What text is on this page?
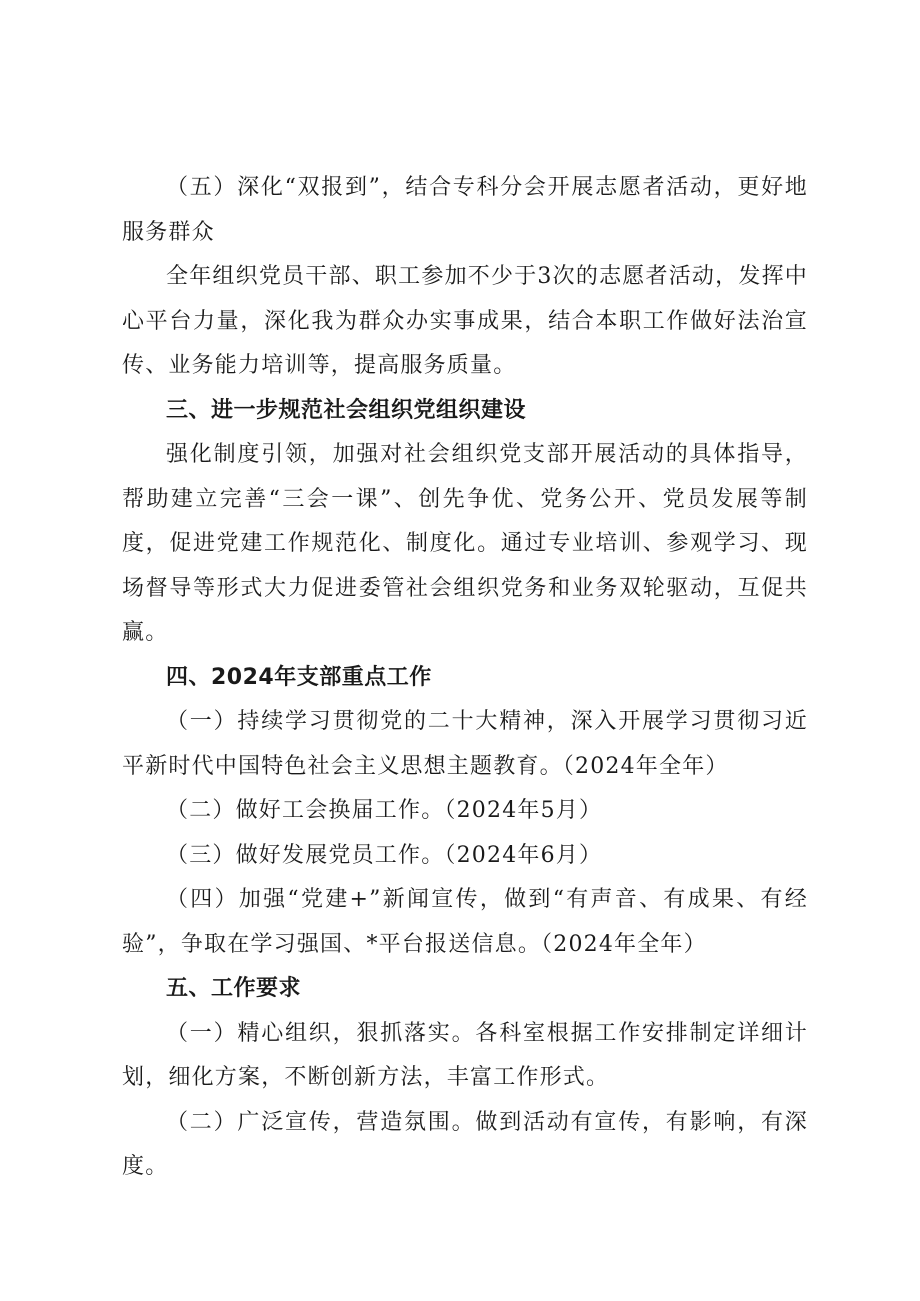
（五）深化“双报到”，结合专科分会开展志愿者活动，更好地服务群众

全年组织党员干部、职工参加不少于3次的志愿者活动，发挥中心平台力量，深化我为群众办实事成果，结合本职工作做好法治宣传、业务能力培训等，提高服务质量。

三、进一步规范社会组织党组织建设

强化制度引领，加强对社会组织党支部开展活动的具体指导，帮助建立完善“三会一课”、创先争优、党务公开、党员发展等制度，促进党建工作规范化、制度化。通过专业培训、参观学习、现场督导等形式大力促进委管社会组织党务和业务双轮驱动，互促共赢。

四、2024年支部重点工作

（一）持续学习贯彻党的二十大精神，深入开展学习贯彻习近平新时代中国特色社会主义思想主题教育。（2024年全年）

（二）做好工会换届工作。（2024年5月）

（三）做好发展党员工作。（2024年6月）

（四）加强“党建+”新闻宣传，做到“有声音、有成果、有经验”，争取在学习强国、*平台报送信息。（2024年全年）

五、工作要求

（一）精心组织，狠抓落实。各科室根据工作安排制定详细计划，细化方案，不断创新方法，丰富工作形式。

（二）广泛宣传，营造氛围。做到活动有宣传，有影响，有深度。
